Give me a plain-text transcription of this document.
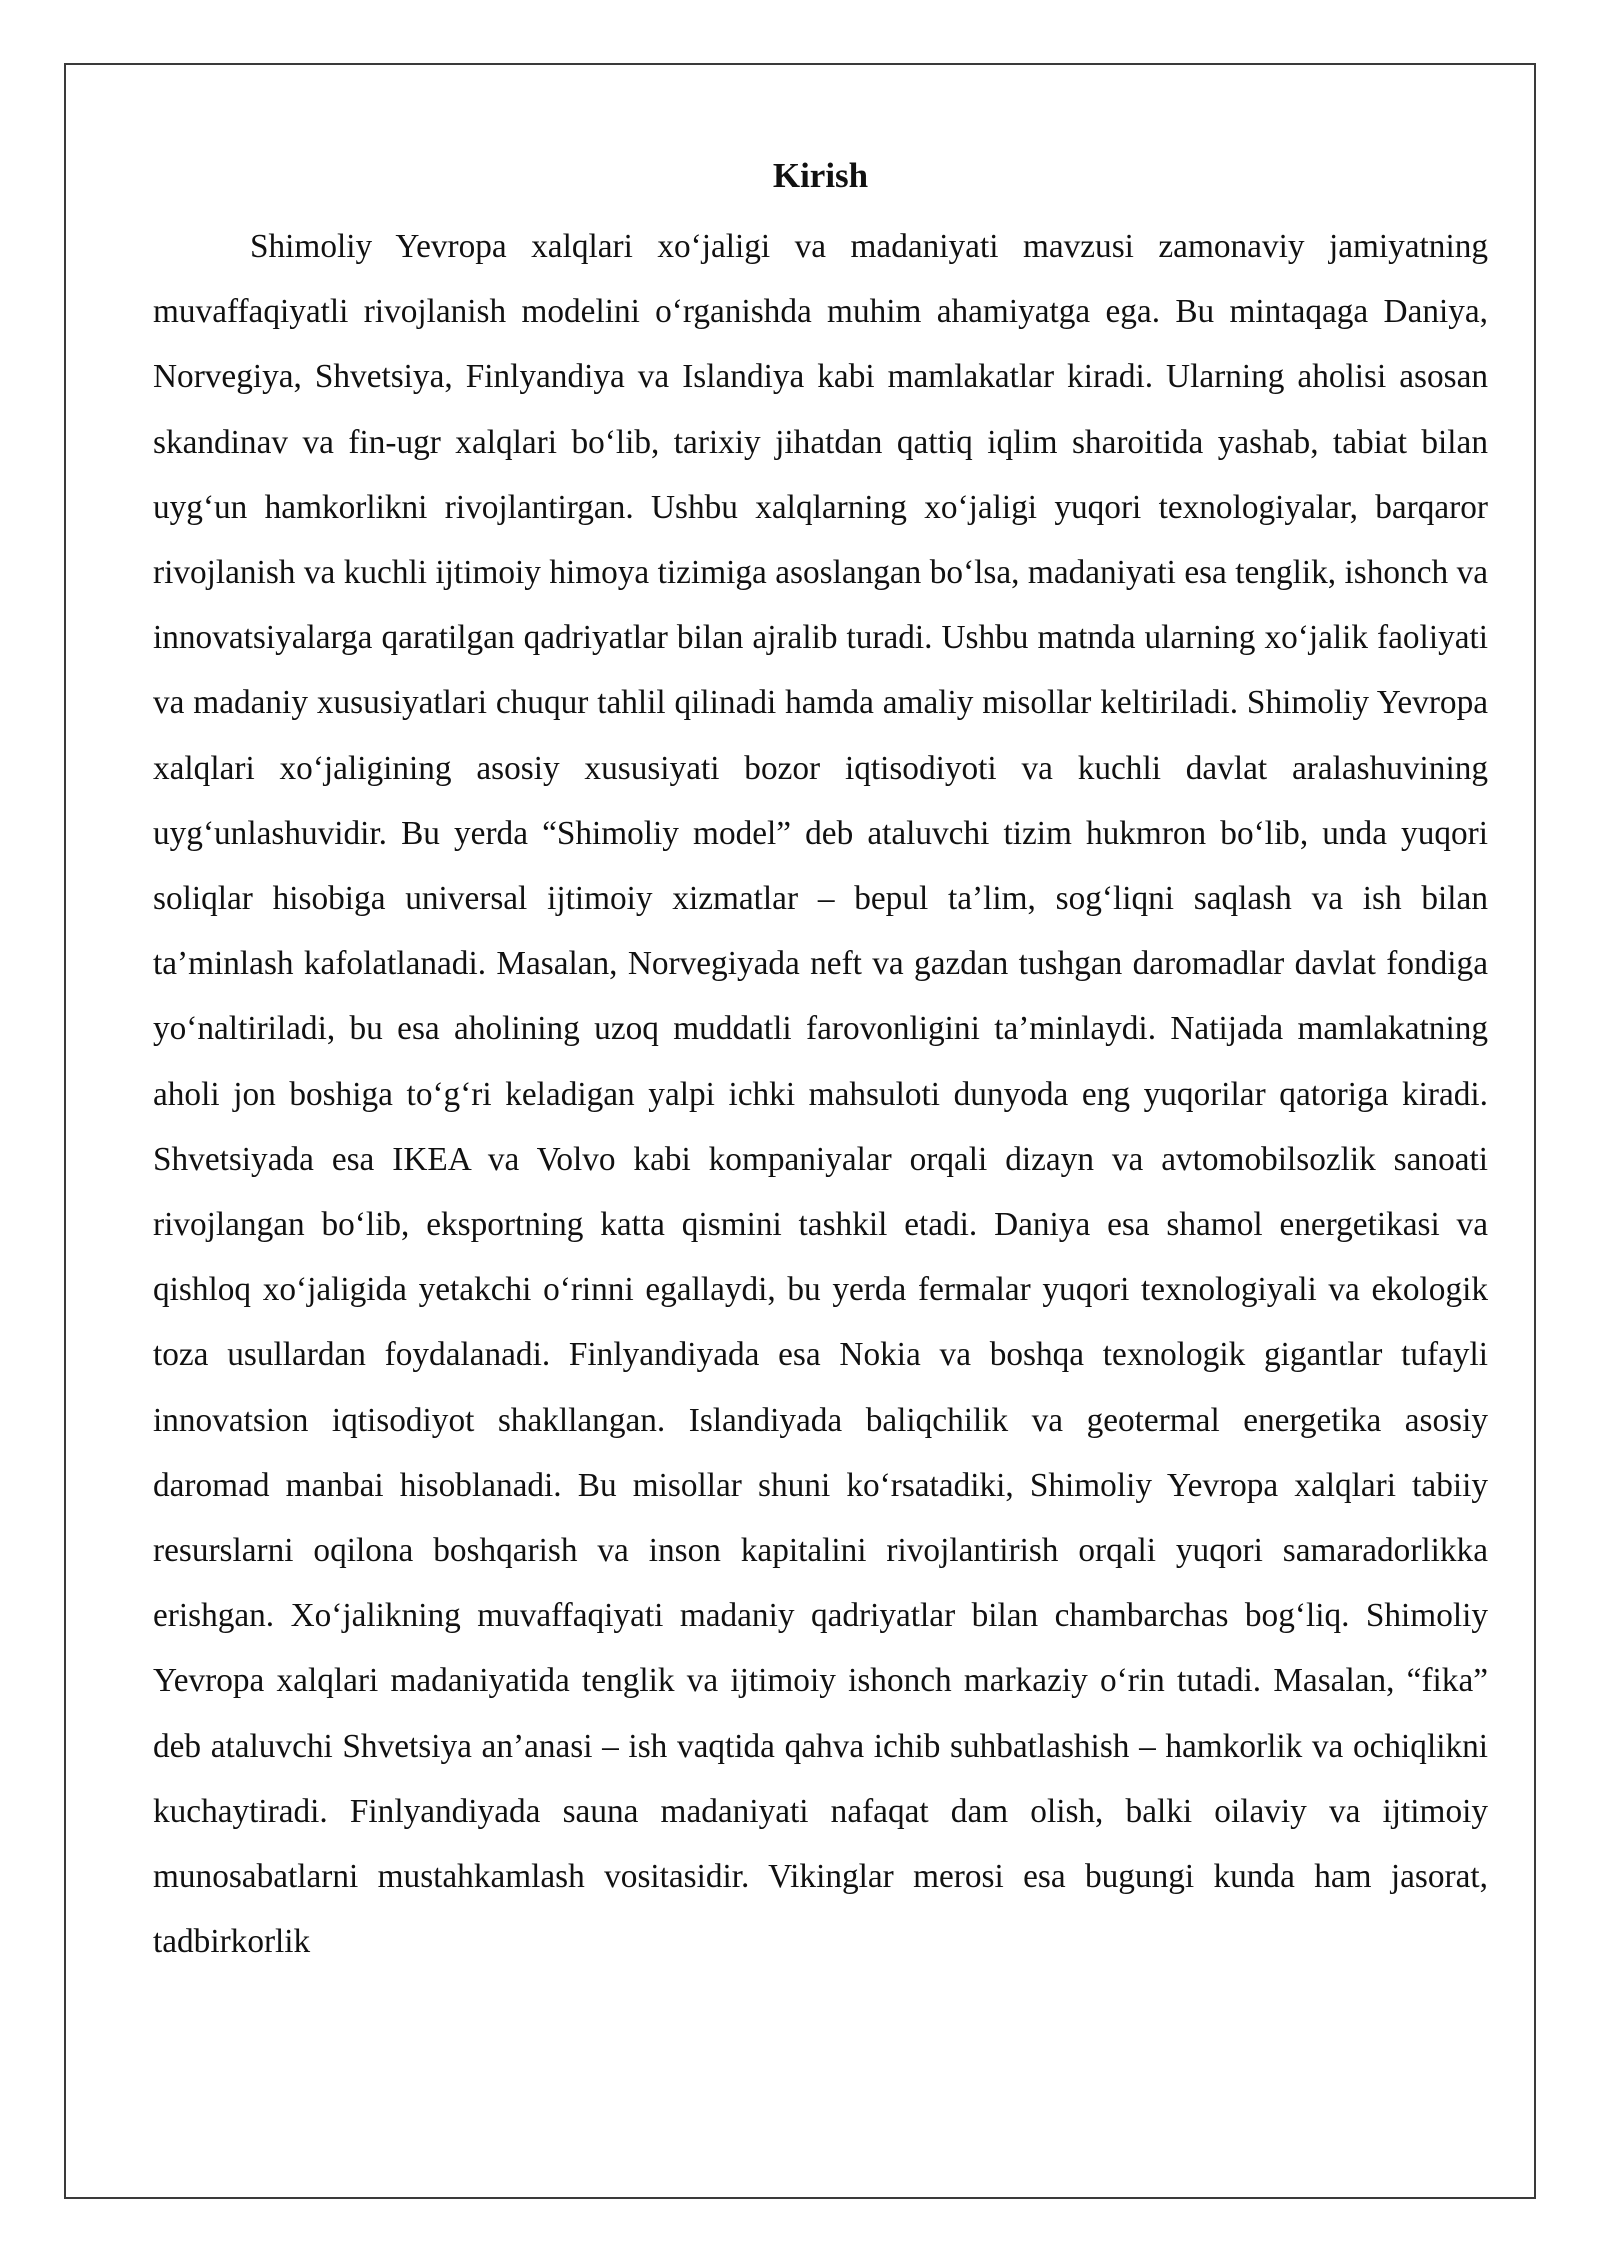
Kirish

Shimoliy Yevropa xalqlari xo‘jaligi va madaniyati mavzusi zamonaviy jamiyatning muvaffaqiyatli rivojlanish modelini o‘rganishda muhim ahamiyatga ega. Bu mintaqaga Daniya, Norvegiya, Shvetsiya, Finlyandiya va Islandiya kabi mamlakatlar kiradi. Ularning aholisi asosan skandinav va fin-ugr xalqlari bo‘lib, tarixiy jihatdan qattiq iqlim sharoitida yashab, tabiat bilan uyg‘un hamkorlikni rivojlantirgan. Ushbu xalqlarning xo‘jaligi yuqori texnologiyalar, barqaror rivojlanish va kuchli ijtimoiy himoya tizimiga asoslangan bo‘lsa, madaniyati esa tenglik, ishonch va innovatsiyalarga qaratilgan qadriyatlar bilan ajralib turadi. Ushbu matnda ularning xo‘jalik faoliyati va madaniy xususiyatlari chuqur tahlil qilinadi hamda amaliy misollar keltiriladi. Shimoliy Yevropa xalqlari xo‘jaligining asosiy xususiyati bozor iqtisodiyoti va kuchli davlat aralashuvining uyg‘unlashuvidir. Bu yerda “Shimoliy model” deb ataluvchi tizim hukmron bo‘lib, unda yuqori soliqlar hisobiga universal ijtimoiy xizmatlar – bepul ta’lim, sog‘liqni saqlash va ish bilan ta’minlash kafolatlanadi. Masalan, Norvegiyada neft va gazdan tushgan daromadlar davlat fondiga yo‘naltiriladi, bu esa aholining uzoq muddatli farovonligini ta’minlaydi. Natijada mamlakatning aholi jon boshiga to‘g‘ri keladigan yalpi ichki mahsuloti dunyoda eng yuqorilar qatoriga kiradi. Shvetsiyada esa IKEA va Volvo kabi kompaniyalar orqali dizayn va avtomobilsozlik sanoati rivojlangan bo‘lib, eksportning katta qismini tashkil etadi. Daniya esa shamol energetikasi va qishloq xo‘jaligida yetakchi o‘rinni egallaydi, bu yerda fermalar yuqori texnologiyali va ekologik toza usullardan foydalanadi. Finlyandiyada esa Nokia va boshqa texnologik gigantlar tufayli innovatsion iqtisodiyot shakllangan. Islandiyada baliqchilik va geotermal energetika asosiy daromad manbai hisoblanadi. Bu misollar shuni ko‘rsatadiki, Shimoliy Yevropa xalqlari tabiiy resurslarni oqilona boshqarish va inson kapitalini rivojlantirish orqali yuqori samaradorlikka erishgan. Xo‘jalikning muvaffaqiyati madaniy qadriyatlar bilan chambarchas bog‘liq. Shimoliy Yevropa xalqlari madaniyatida tenglik va ijtimoiy ishonch markaziy o‘rin tutadi. Masalan, “fika” deb ataluvchi Shvetsiya an’anasi – ish vaqtida qahva ichib suhbatlashish – hamkorlik va ochiqlikni kuchaytiradi. Finlyandiyada sauna madaniyati nafaqat dam olish, balki oilaviy va ijtimoiy munosabatlarni mustahkamlash vositasidir. Vikinglar merosi esa bugungi kunda ham jasorat, tadbirkorlik
